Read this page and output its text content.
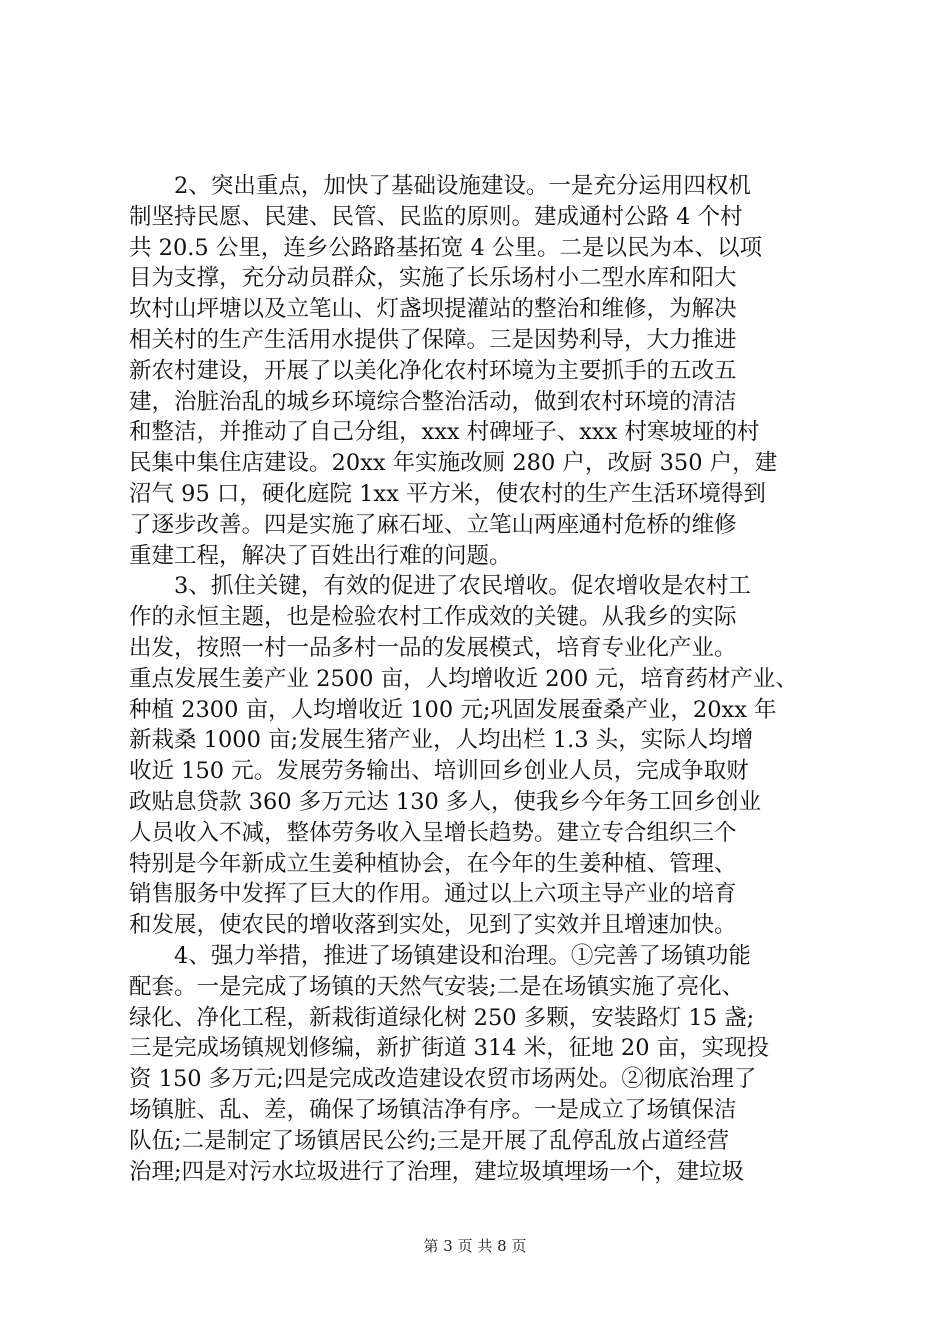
　　2、突出重点，加快了基础设施建设。一是充分运用四权机
制坚持民愿、民建、民管、民监的原则。建成通村公路 4 个村
共 20.5 公里，连乡公路路基拓宽 4 公里。二是以民为本、以项
目为支撑，充分动员群众，实施了长乐场村小二型水库和阳大
坎村山坪塘以及立笔山、灯盏坝提灌站的整治和维修，为解决
相关村的生产生活用水提供了保障。三是因势利导，大力推进
新农村建设，开展了以美化净化农村环境为主要抓手的五改五
建，治脏治乱的城乡环境综合整治活动，做到农村环境的清洁
和整洁，并推动了自己分组，xxx 村碑垭子、xxx 村寒坡垭的村
民集中集住店建设。20xx 年实施改厕 280 户，改厨 350 户，建
沼气 95 口，硬化庭院 1xx 平方米，使农村的生产生活环境得到
了逐步改善。四是实施了麻石垭、立笔山两座通村危桥的维修
重建工程，解决了百姓出行难的问题。
　　3、抓住关键，有效的促进了农民增收。促农增收是农村工
作的永恒主题，也是检验农村工作成效的关键。从我乡的实际
出发，按照一村一品多村一品的发展模式，培育专业化产业。
重点发展生姜产业 2500 亩，人均增收近 200 元，培育药材产业、
种植 2300 亩，人均增收近 100 元;巩固发展蚕桑产业，20xx 年
新栽桑 1000 亩;发展生猪产业，人均出栏 1.3 头，实际人均增
收近 150 元。发展劳务输出、培训回乡创业人员，完成争取财
政贴息贷款 360 多万元达 130 多人，使我乡今年务工回乡创业
人员收入不减，整体劳务收入呈增长趋势。建立专合组织三个
特别是今年新成立生姜种植协会，在今年的生姜种植、管理、
销售服务中发挥了巨大的作用。通过以上六项主导产业的培育
和发展，使农民的增收落到实处，见到了实效并且增速加快。
　　4、强力举措，推进了场镇建设和治理。①完善了场镇功能
配套。一是完成了场镇的天然气安装;二是在场镇实施了亮化、
绿化、净化工程，新栽街道绿化树 250 多颗，安装路灯 15 盏;
三是完成场镇规划修编，新扩街道 314 米，征地 20 亩，实现投
资 150 多万元;四是完成改造建设农贸市场两处。②彻底治理了
场镇脏、乱、差，确保了场镇洁净有序。一是成立了场镇保洁
队伍;二是制定了场镇居民公约;三是开展了乱停乱放占道经营
治理;四是对污水垃圾进行了治理，建垃圾填埋场一个，建垃圾
第 3 页 共 8 页
